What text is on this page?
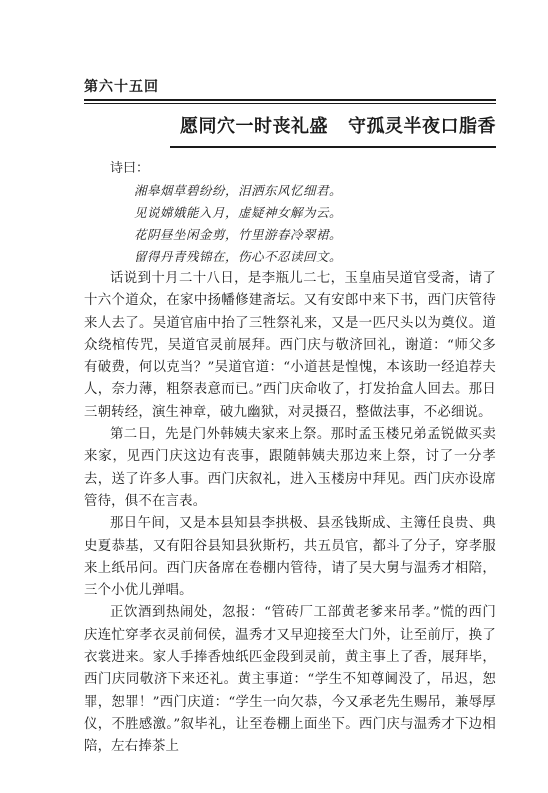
第六十五回
愿同穴一时丧礼盛 守孤灵半夜口脂香
诗曰：
湘皋烟草碧纷纷，泪洒东风忆细君。
见说嫦娥能入月，虚疑神女解为云。
花阴昼坐闲金剪，竹里游春冷翠裙。
留得丹青残锦在，伤心不忍读回文。

话说到十月二十八日，是李瓶儿二七，玉皇庙吴道官受斋，请了十六个道众，在家中扬幡修建斋坛。又有安郎中来下书，西门庆管待来人去了。吴道官庙中抬了三牲祭礼来，又是一匹尺头以为奠仪。道众绕棺传咒，吴道官灵前展拜。西门庆与敬济回礼，谢道：“师父多有破费，何以克当？”吴道官道：“小道甚是惶愧，本该助一经追荐夫人，奈力薄，粗祭表意而已。”西门庆命收了，打发抬盒人回去。那日三朝转经，演生神章，破九幽狱，对灵摄召，整做法事，不必细说。

第二日，先是门外韩姨夫家来上祭。那时孟玉楼兄弟孟锐做买卖来家，见西门庆这边有丧事，跟随韩姨夫那边来上祭，讨了一分孝去，送了许多人事。西门庆叙礼，进入玉楼房中拜见。西门庆亦设席管待，俱不在言表。

那日午间，又是本县知县李拱极、县丞钱斯成、主簿任良贵、典史夏恭基，又有阳谷县知县狄斯朽，共五员官，都斗了分子，穿孝服来上纸吊问。西门庆备席在卷棚内管待，请了吴大舅与温秀才相陪，三个小优儿弹唱。

正饮酒到热闹处，忽报：“管砖厂工部黄老爹来吊孝。”慌的西门庆连忙穿孝衣灵前伺侯，温秀才又早迎接至大门外，让至前厅，换了衣裳进来。家人手捧香烛纸匹金段到灵前，黄主事上了香，展拜毕，西门庆同敬济下来还礼。黄主事道：“学生不知尊阃没了，吊迟，恕罪，恕罪！”西门庆道：“学生一向欠恭，今又承老先生赐吊，兼辱厚仪，不胜感激。”叙毕礼，让至卷棚上面坐下。西门庆与温秀才下边相陪，左右捧茶上
